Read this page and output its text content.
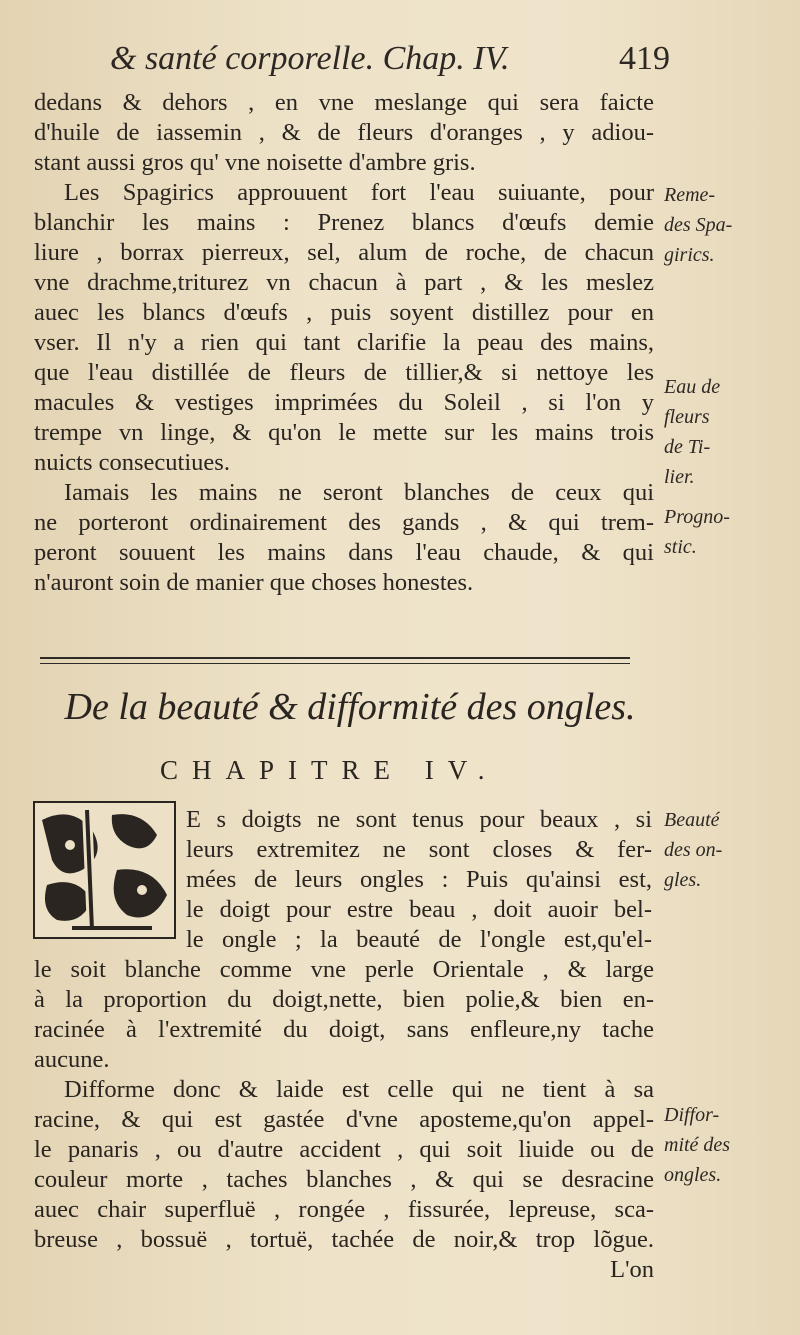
& santé corporelle. Chap. IV.	419
dedans & dehors , en vne meslange qui sera faicte
d'huile de iassemin , & de fleurs d'oranges , y adiou-
stant aussi gros qu' vne noisette d'ambre gris.
Les Spagirics approuuent fort l'eau suiuante, pour
blanchir les mains : Prenez blancs d'œufs demie
liure , borrax pierreux, sel, alum de roche, de chacun
vne drachme,triturez vn chacun à part , & les meslez
auec les blancs d'œufs , puis soyent distillez pour en
vser. Il n'y a rien qui tant clarifie la peau des mains,
que l'eau distillée de fleurs de tillier,& si nettoye les
macules & vestiges imprimées du Soleil , si l'on y
trempe vn linge, & qu'on le mette sur les mains trois
nuicts consecutiues.
Iamais les mains ne seront blanches de ceux qui
ne porteront ordinairement des gands , & qui trem-
peront souuent les mains dans l'eau chaude, & qui
n'auront soin de manier que choses honestes.
Reme-
des Spa-
girics.
Eau de
fleurs
de Ti-
lier.
Progno-
stic.
De la beauté & difformité des ongles.
CHAPITRE IV.
E s doigts ne sont tenus pour beaux , si
leurs extremitez ne sont closes & fer-
mées de leurs ongles : Puis qu'ainsi est,
le doigt pour estre beau , doit auoir bel-
le ongle ; la beauté de l'ongle est,qu'el-
le soit blanche comme vne perle Orientale , & large
à la proportion du doigt,nette, bien polie,& bien en-
racinée à l'extremité du doigt, sans enfleure,ny tache
aucune.
Difforme donc & laide est celle qui ne tient à sa
racine, & qui est gastée d'vne aposteme,qu'on appel-
le panaris , ou d'autre accident , qui soit liuide ou de
couleur morte , taches blanches , & qui se desracine
auec chair superfluë , rongée , fissurée, lepreuse, sca-
breuse , bossuë , tortuë, tachée de noir,& trop lõgue.
L'on
Beauté
des on-
gles.
Diffor-
mité des
ongles.
